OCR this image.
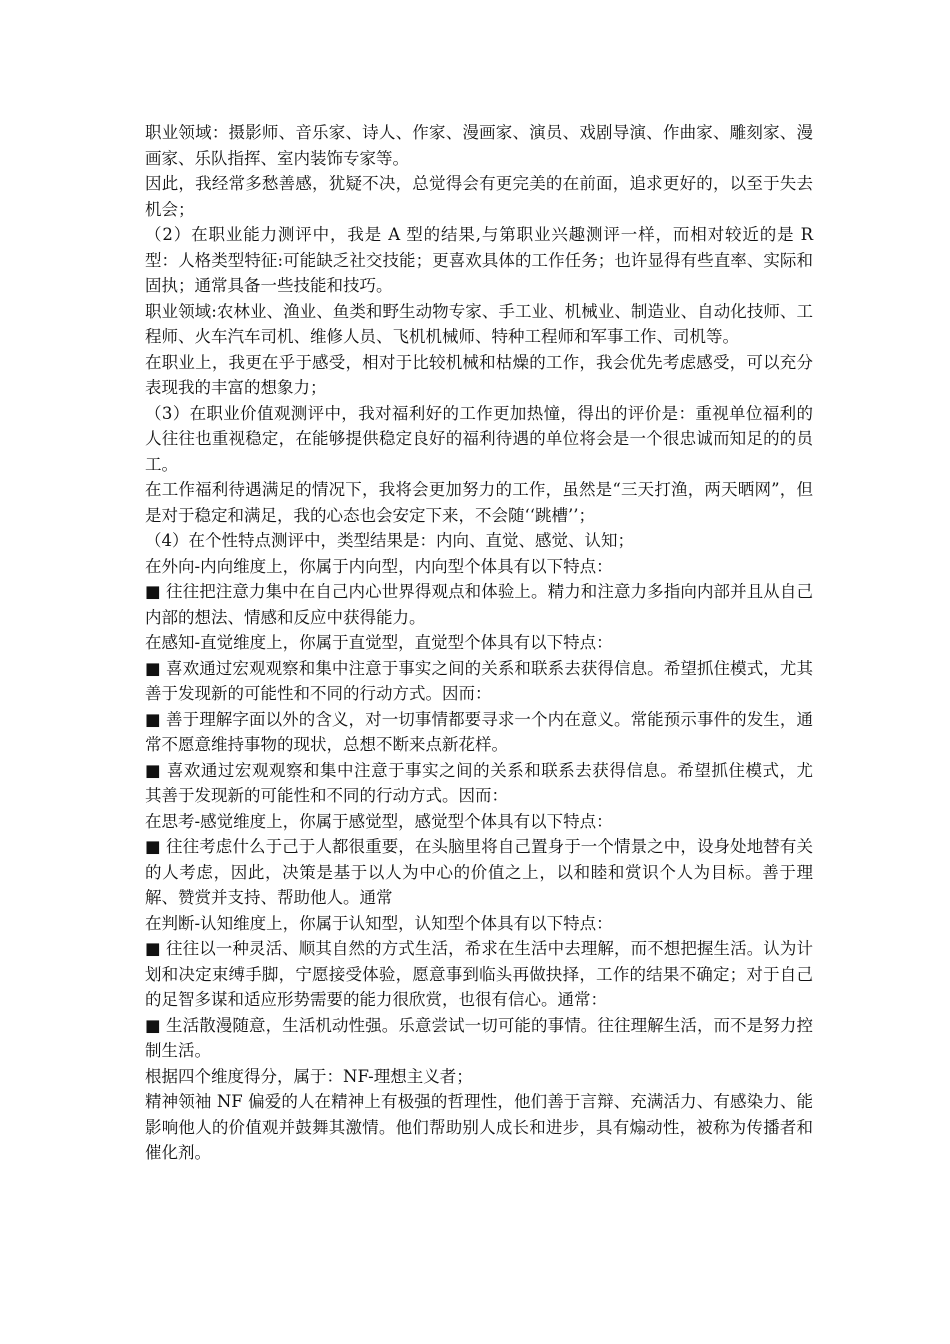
职业领域：摄影师、音乐家、诗人、作家、漫画家、演员、戏剧导演、作曲家、雕刻家、漫画家、乐队指挥、室内装饰专家等。

因此，我经常多愁善感，犹疑不决，总觉得会有更完美的在前面，追求更好的，以至于失去机会；

（2）在职业能力测评中，我是 A 型的结果,与第职业兴趣测评一样，而相对较近的是 R 型：人格类型特征:可能缺乏社交技能；更喜欢具体的工作任务；也许显得有些直率、实际和固执；通常具备一些技能和技巧。

职业领域:农林业、渔业、鱼类和野生动物专家、手工业、机械业、制造业、自动化技师、工程师、火车汽车司机、维修人员、飞机机械师、特种工程师和军事工作、司机等。

在职业上，我更在乎于感受，相对于比较机械和枯燥的工作，我会优先考虑感受，可以充分表现我的丰富的想象力；

（3）在职业价值观测评中，我对福利好的工作更加热憧，得出的评价是：重视单位福利的人往往也重视稳定，在能够提供稳定良好的福利待遇的单位将会是一个很忠诚而知足的的员工。

在工作福利待遇满足的情况下，我将会更加努力的工作，虽然是“三天打渔，两天晒网”，但是对于稳定和满足，我的心态也会安定下来，不会随‘‘跳槽’’；

（4）在个性特点测评中，类型结果是：内向、直觉、感觉、认知；

在外向-内向维度上，你属于内向型，内向型个体具有以下特点：

■ 往往把注意力集中在自己内心世界得观点和体验上。精力和注意力多指向内部并且从自己内部的想法、情感和反应中获得能力。

在感知-直觉维度上，你属于直觉型，直觉型个体具有以下特点：

■ 喜欢通过宏观观察和集中注意于事实之间的关系和联系去获得信息。希望抓住模式，尤其善于发现新的可能性和不同的行动方式。因而：

■ 善于理解字面以外的含义，对一切事情都要寻求一个内在意义。常能预示事件的发生，通常不愿意维持事物的现状，总想不断来点新花样。

■ 喜欢通过宏观观察和集中注意于事实之间的关系和联系去获得信息。希望抓住模式，尤 其善于发现新的可能性和不同的行动方式。因而：

在思考-感觉维度上，你属于感觉型，感觉型个体具有以下特点：

■ 往往考虑什么于己于人都很重要，在头脑里将自己置身于一个情景之中，设身处地替有关的人考虑，因此，决策是基于以人为中心的价值之上，以和睦和赏识个人为目标。善于理解、赞赏并支持、帮助他人。通常

在判断-认知维度上，你属于认知型，认知型个体具有以下特点：

■ 往往以一种灵活、顺其自然的方式生活，希求在生活中去理解，而不想把握生活。认为计划和决定束缚手脚，宁愿接受体验，愿意事到临头再做抉择，工作的结果不确定；对于自己的足智多谋和适应形势需要的能力很欣赏，也很有信心。通常：

■ 生活散漫随意，生活机动性强。乐意尝试一切可能的事情。往往理解生活，而不是努力控制生活。

根据四个维度得分，属于：NF-理想主义者；

精神领袖 NF 偏爱的人在精神上有极强的哲理性，他们善于言辩、充满活力、有感染力、能影响他人的价值观并鼓舞其激情。他们帮助别人成长和进步，具有煽动性，被称为传播者和催化剂。
